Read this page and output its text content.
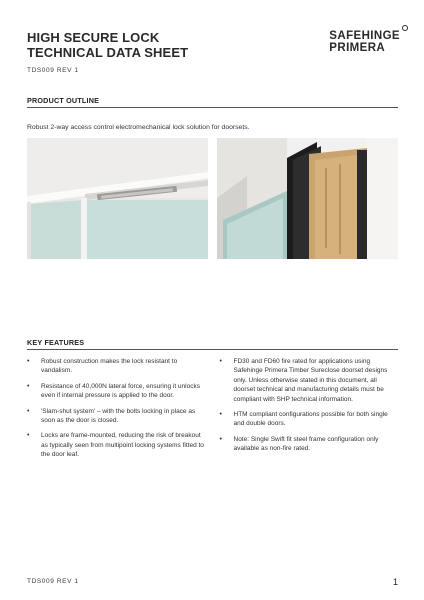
HIGH SECURE LOCK
TECHNICAL DATA SHEET
TDS009 REV 1
SAFEHINGE
PRIMERA
PRODUCT OUTLINE
Robust 2-way access control electromechanical lock solution for doorsets.
KEY FEATURES
• Robust construction makes the lock resistant to vandalism.
• Resistance of 40,000N lateral force, ensuring it unlocks even if internal pressure is applied to the door.
• 'Slam-shut system' – with the bolts locking in place as soon as the door is closed.
• Locks are frame-mounted, reducing the risk of breakout as typically seen from multipoint locking systems fitted to the door leaf.
• FD30 and FD60 fire rated for applications using Safehinge Primera Timber Sureclose doorset designs only. Unless otherwise stated in this document, all doorset technical and manufacturing details must be compliant with SHP technical information.
• HTM compliant configurations possible for both single and double doors.
• Note: Single Swift fit steel frame configuration only available as non-fire rated.
TDS009 REV 1	1
